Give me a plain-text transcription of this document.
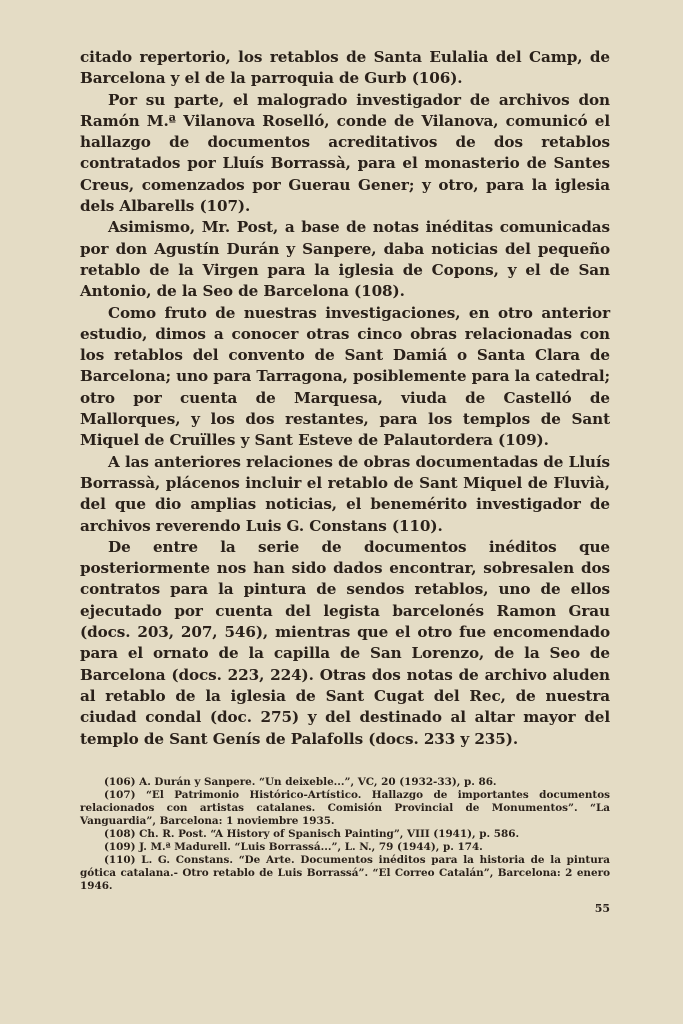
citado repertorio, los retablos de Santa Eulalia del Camp, de Barcelona y el de la parroquia de Gurb (106).

Por su parte, el malogrado investigador de archivos don Ramón M.ª Vilanova Roselló, conde de Vilanova, comunicó el hallazgo de documentos acreditativos de dos retablos contratados por Lluís Borrassà, para el monasterio de Santes Creus, comenzados por Guerau Gener; y otro, para la iglesia dels Albarells (107).

Asimismo, Mr. Post, a base de notas inéditas comunicadas por don Agustín Durán y Sanpere, daba noticias del pequeño retablo de la Virgen para la iglesia de Copons, y el de San Antonio, de la Seo de Barcelona (108).

Como fruto de nuestras investigaciones, en otro anterior estudio, dimos a conocer otras cinco obras relacionadas con los retablos del convento de Sant Damiá o Santa Clara de Barcelona; uno para Tarragona, posiblemente para la catedral; otro por cuenta de Marquesa, viuda de Castelló de Mallorques, y los dos restantes, para los templos de Sant Miquel de Cruïlles y Sant Esteve de Palautordera (109).

A las anteriores relaciones de obras documentadas de Lluís Borrassà, plácenos incluir el retablo de Sant Miquel de Fluvià, del que dio amplias noticias, el benemérito investigador de archivos reverendo Luis G. Constans (110).

De entre la serie de documentos inéditos que posteriormente nos han sido dados encontrar, sobresalen dos contratos para la pintura de sendos retablos, uno de ellos ejecutado por cuenta del legista barcelonés Ramon Grau (docs. 203, 207, 546), mientras que el otro fue encomendado para el ornato de la capilla de San Lorenzo, de la Seo de Barcelona (docs. 223, 224). Otras dos notas de archivo aluden al retablo de la iglesia de Sant Cugat del Rec, de nuestra ciudad condal (doc. 275) y del destinado al altar mayor del templo de Sant Genís de Palafolls (docs. 233 y 235).

(106) A. Durán y Sanpere. “Un deixeble...”, VC, 20 (1932-33), p. 86.

(107) “El Patrimonio Histórico-Artístico. Hallazgo de importantes documentos relacionados con artistas catalanes. Comisión Provincial de Monumentos”. “La Vanguardia”, Barcelona: 1 noviembre 1935.

(108) Ch. R. Post. “A History of Spanisch Painting”, VIII (1941), p. 586.

(109) J. M.ª Madurell. “Luis Borrassá...”, L. N., 79 (1944), p. 174.

(110) L. G. Constans. “De Arte. Documentos inéditos para la historia de la pintura gótica catalana.- Otro retablo de Luis Borrassá”. “El Correo Catalán”, Barcelona: 2 enero 1946.

55
